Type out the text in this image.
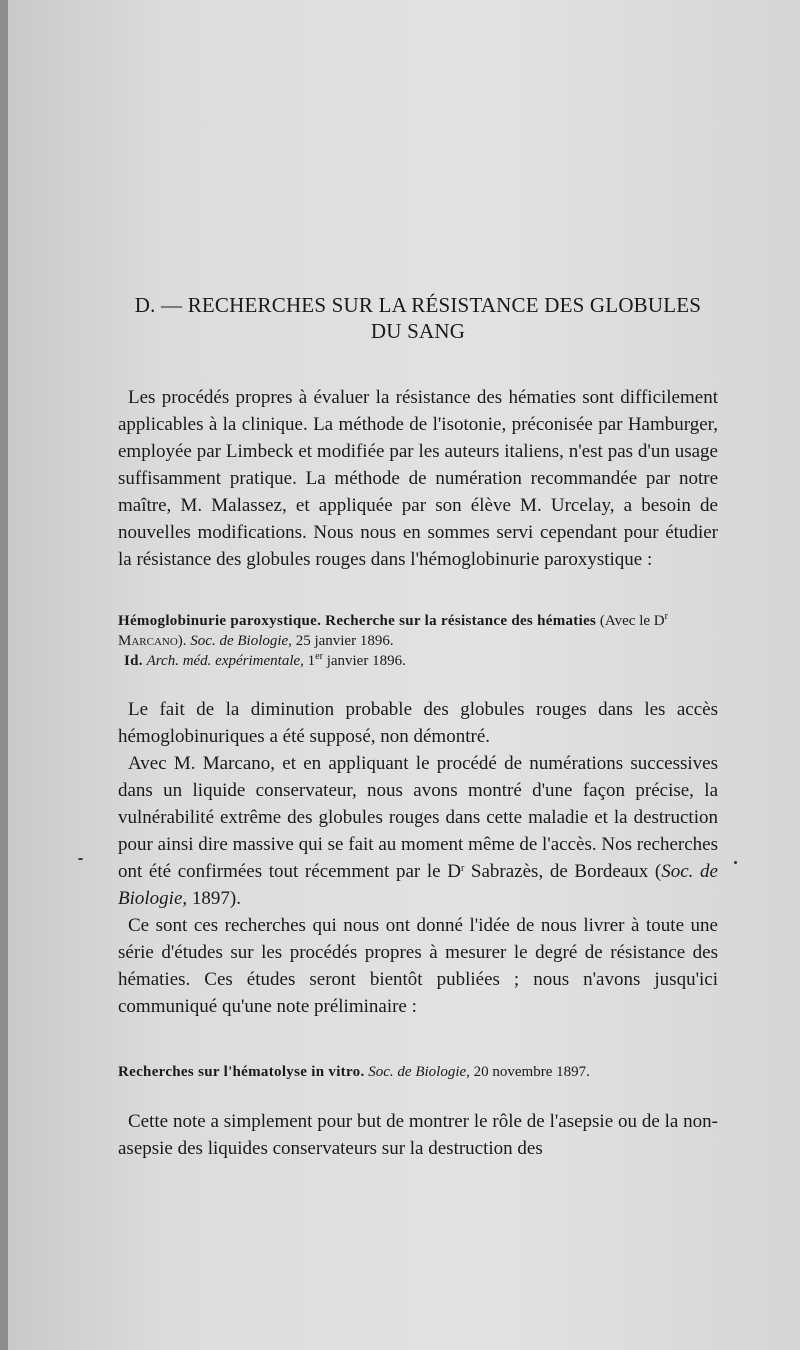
D. — RECHERCHES SUR LA RÉSISTANCE DES GLOBULES
DU SANG

Les procédés propres à évaluer la résistance des hématies sont difficilement applicables à la clinique. La méthode de l'isotonie, préconisée par Hamburger, employée par Limbeck et modifiée par les auteurs italiens, n'est pas d'un usage suffisamment pratique. La méthode de numération recommandée par notre maître, M. Malassez, et appliquée par son élève M. Urcelay, a besoin de nouvelles modifications. Nous nous en sommes servi cependant pour étudier la résistance des globules rouges dans l'hémoglobinurie paroxystique :

Hémoglobinurie paroxystique. Recherche sur la résistance des hématies (Avec le $D^r$ Marcano). Soc. de Biologie, 25 janvier 1896.
Id. Arch. méd. expérimentale, 1er janvier 1896.

Le fait de la diminution probable des globules rouges dans les accès hémoglobinuriques a été supposé, non démontré.

Avec M. Marcano, et en appliquant le procédé de numérations successives dans un liquide conservateur, nous avons montré d'une façon précise, la vulnérabilité extrême des globules rouges dans cette maladie et la destruction pour ainsi dire massive qui se fait au moment même de l'accès. Nos recherches ont été confirmées tout récemment par le $D^r$ Sabrazès, de Bordeaux (Soc. de Biologie, 1897).

Ce sont ces recherches qui nous ont donné l'idée de nous livrer à toute une série d'études sur les procédés propres à mesurer le degré de résistance des hématies. Ces études seront bientôt publiées ; nous n'avons jusqu'ici communiqué qu'une note préliminaire :

Recherches sur l'hématolyse in vitro. Soc. de Biologie, 20 novembre 1897.

Cette note a simplement pour but de montrer le rôle de l'asepsie ou de la non-asepsie des liquides conservateurs sur la destruction des
